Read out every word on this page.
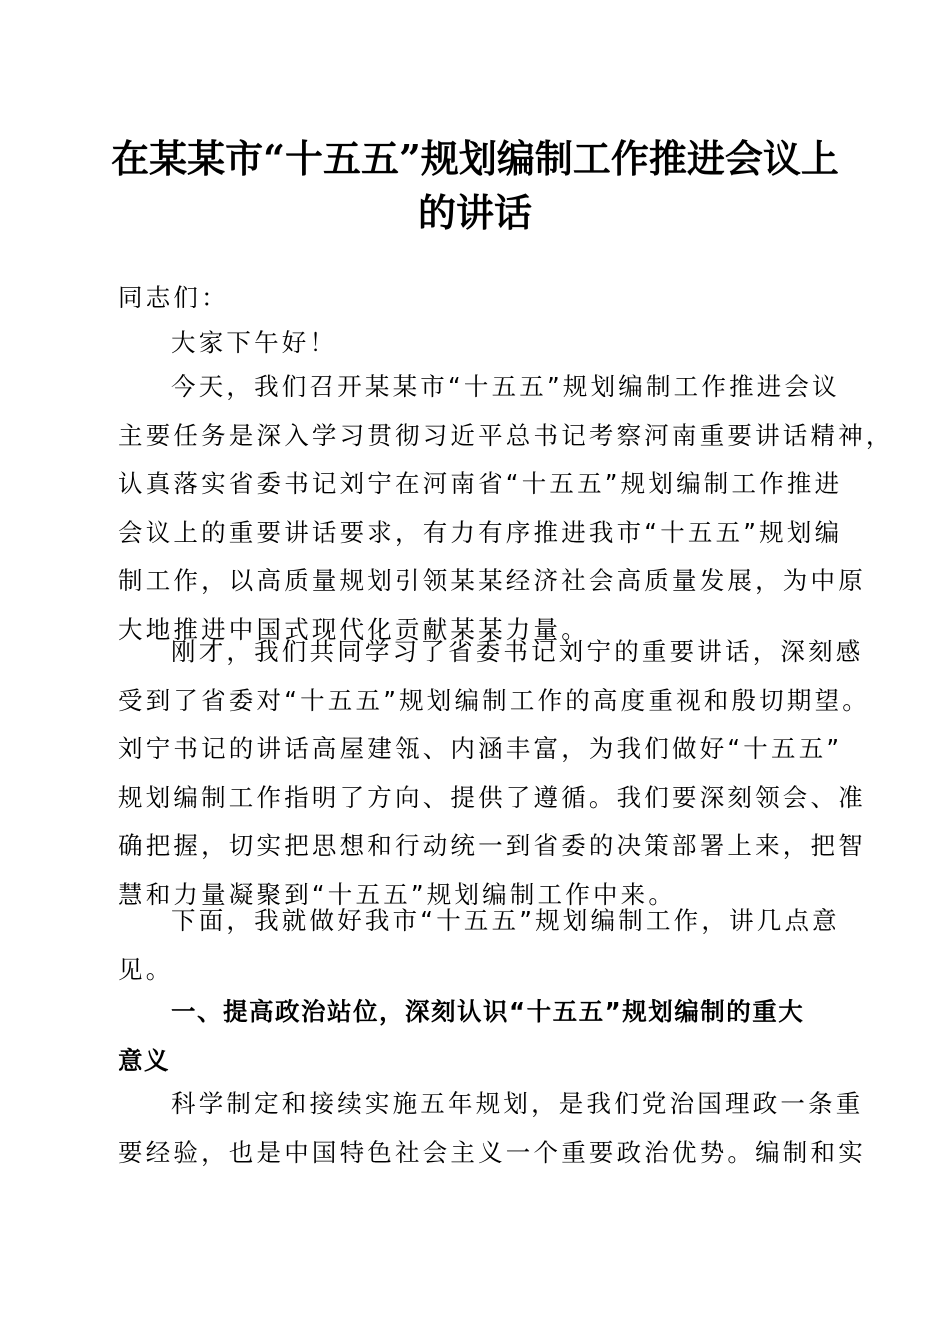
在某某市“十五五”规划编制工作推进会议上
的讲话
同志们：
大家下午好！
今天，我们召开某某市“十五五”规划编制工作推进会议
主要任务是深入学习贯彻习近平总书记考察河南重要讲话精神，
认真落实省委书记刘宁在河南省“十五五”规划编制工作推进
会议上的重要讲话要求，有力有序推进我市“十五五”规划编
制工作，以高质量规划引领某某经济社会高质量发展，为中原
大地推进中国式现代化贡献某某力量。
刚才，我们共同学习了省委书记刘宁的重要讲话，深刻感
受到了省委对“十五五”规划编制工作的高度重视和殷切期望。
刘宁书记的讲话高屋建瓴、内涵丰富，为我们做好“十五五”
规划编制工作指明了方向、提供了遵循。我们要深刻领会、准
确把握，切实把思想和行动统一到省委的决策部署上来，把智
慧和力量凝聚到“十五五”规划编制工作中来。
下面，我就做好我市“十五五”规划编制工作，讲几点意
见。
一、提高政治站位，深刻认识“十五五”规划编制的重大
意义
科学制定和接续实施五年规划，是我们党治国理政一条重
要经验，也是中国特色社会主义一个重要政治优势。编制和实
